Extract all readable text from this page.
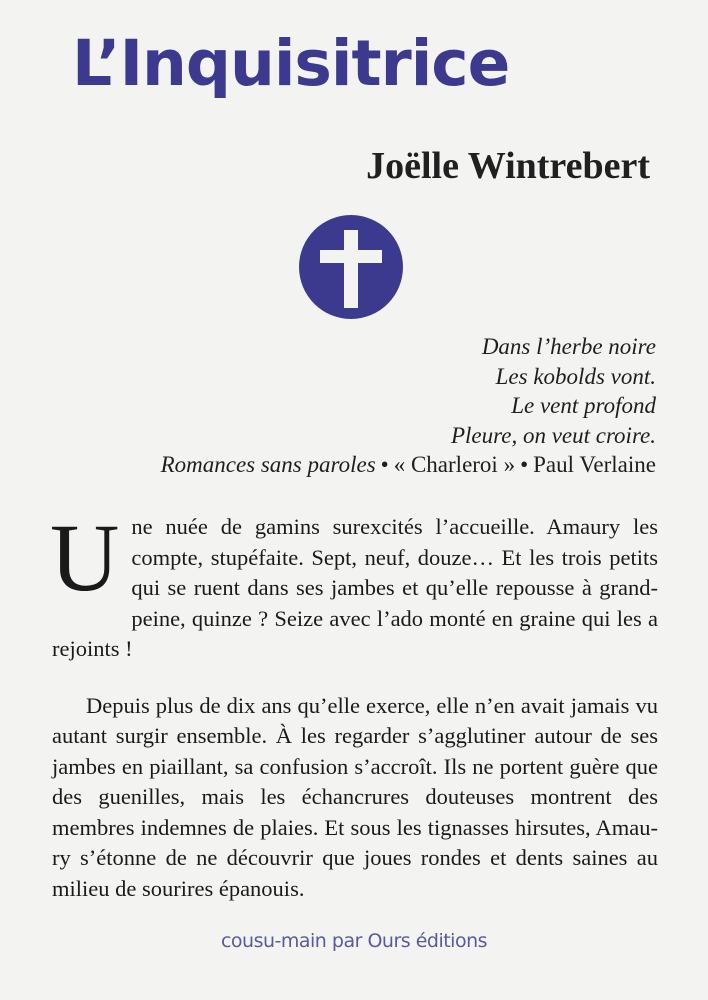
L’Inquisitrice
Joëlle Wintrebert
Dans l’herbe noire
Les kobolds vont.
Le vent profond
Pleure, on veut croire.
Romances sans paroles • « Charleroi » • Paul Verlaine

Une nuée de gamins surexcités l’accueille. Amaury les compte, stupéfaite. Sept, neuf, douze… Et les trois petits qui se ruent dans ses jambes et qu’elle repousse à grand-peine, quinze ? Seize avec l’ado monté en graine qui les a rejoints !

Depuis plus de dix ans qu’elle exerce, elle n’en avait jamais vu autant surgir ensemble. À les regarder s’agglutiner autour de ses jambes en piaillant, sa confusion s’accroît. Ils ne portent guère que des guenilles, mais les échancrures douteuses montrent des membres indemnes de plaies. Et sous les tignasses hirsutes, Amaury s’étonne de ne découvrir que joues rondes et dents saines au milieu de sourires épanouis.

cousu-main par Ours éditions
